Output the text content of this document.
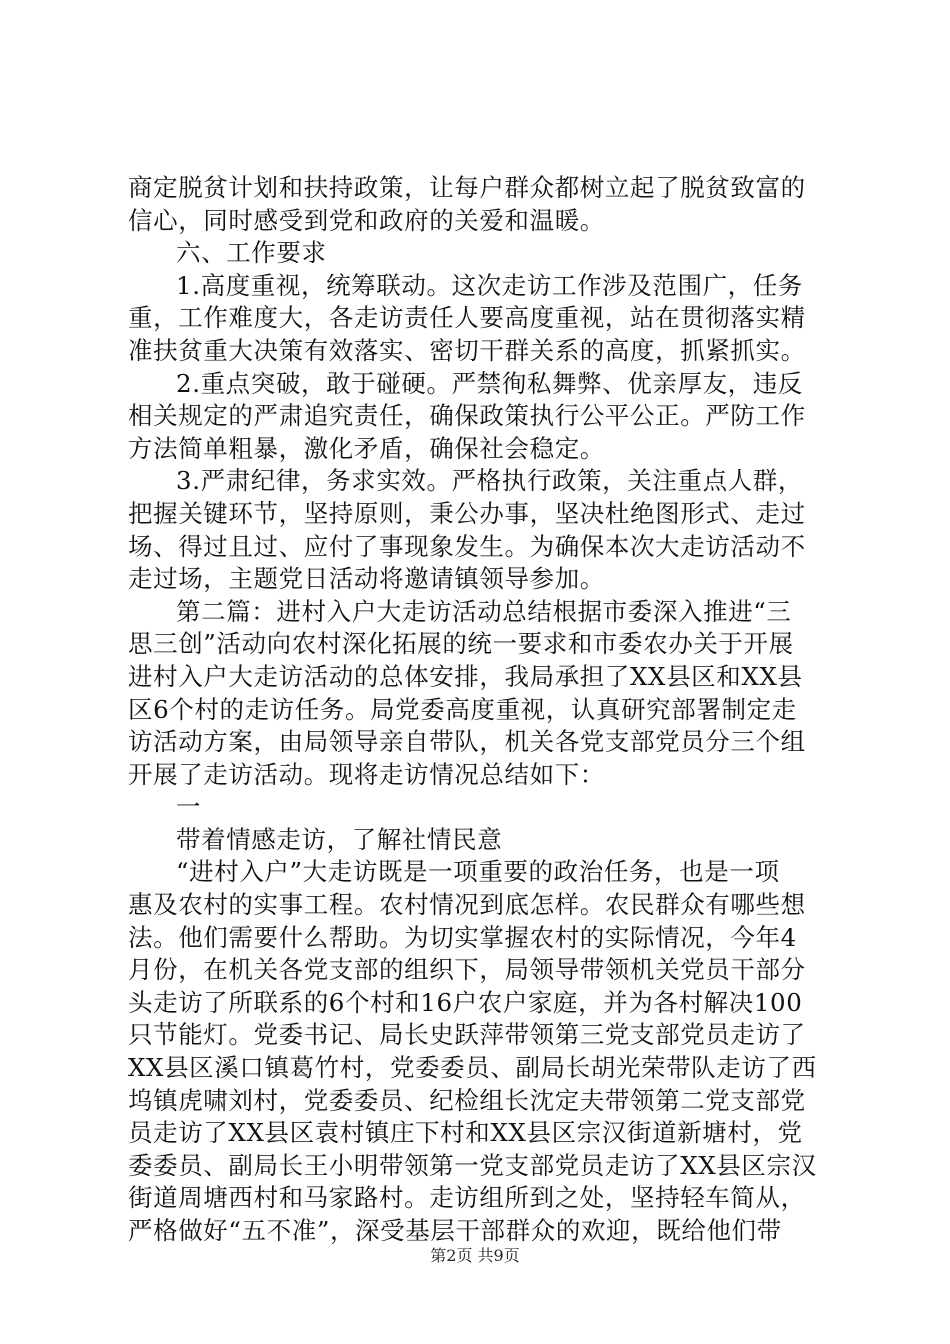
商定脱贫计划和扶持政策，让每户群众都树立起了脱贫致富的
信心，同时感受到党和政府的关爱和温暖。
六、工作要求
1.高度重视，统筹联动。这次走访工作涉及范围广，任务
重，工作难度大，各走访责任人要高度重视，站在贯彻落实精
准扶贫重大决策有效落实、密切干群关系的高度，抓紧抓实。
2.重点突破，敢于碰硬。严禁徇私舞弊、优亲厚友，违反
相关规定的严肃追究责任，确保政策执行公平公正。严防工作
方法简单粗暴，激化矛盾，确保社会稳定。
3.严肃纪律，务求实效。严格执行政策，关注重点人群，
把握关键环节，坚持原则，秉公办事，坚决杜绝图形式、走过
场、得过且过、应付了事现象发生。为确保本次大走访活动不
走过场，主题党日活动将邀请镇领导参加。
第二篇：进村入户大走访活动总结根据市委深入推进“三
思三创”活动向农村深化拓展的统一要求和市委农办关于开展
进村入户大走访活动的总体安排，我局承担了XX县区和XX县
区6个村的走访任务。局党委高度重视，认真研究部署制定走
访活动方案，由局领导亲自带队，机关各党支部党员分三个组
开展了走访活动。现将走访情况总结如下：
一
带着情感走访，了解社情民意
“进村入户”大走访既是一项重要的政治任务，也是一项
惠及农村的实事工程。农村情况到底怎样。农民群众有哪些想
法。他们需要什么帮助。为切实掌握农村的实际情况，今年4
月份，在机关各党支部的组织下，局领导带领机关党员干部分
头走访了所联系的6个村和16户农户家庭，并为各村解决100
只节能灯。党委书记、局长史跃萍带领第三党支部党员走访了
XX县区溪口镇葛竹村，党委委员、副局长胡光荣带队走访了西
坞镇虎啸刘村，党委委员、纪检组长沈定夫带领第二党支部党
员走访了XX县区袁村镇庄下村和XX县区宗汉街道新塘村，党
委委员、副局长王小明带领第一党支部党员走访了XX县区宗汉
街道周塘西村和马家路村。走访组所到之处，坚持轻车简从，
严格做好“五不准”，深受基层干部群众的欢迎，既给他们带
第2页 共9页
